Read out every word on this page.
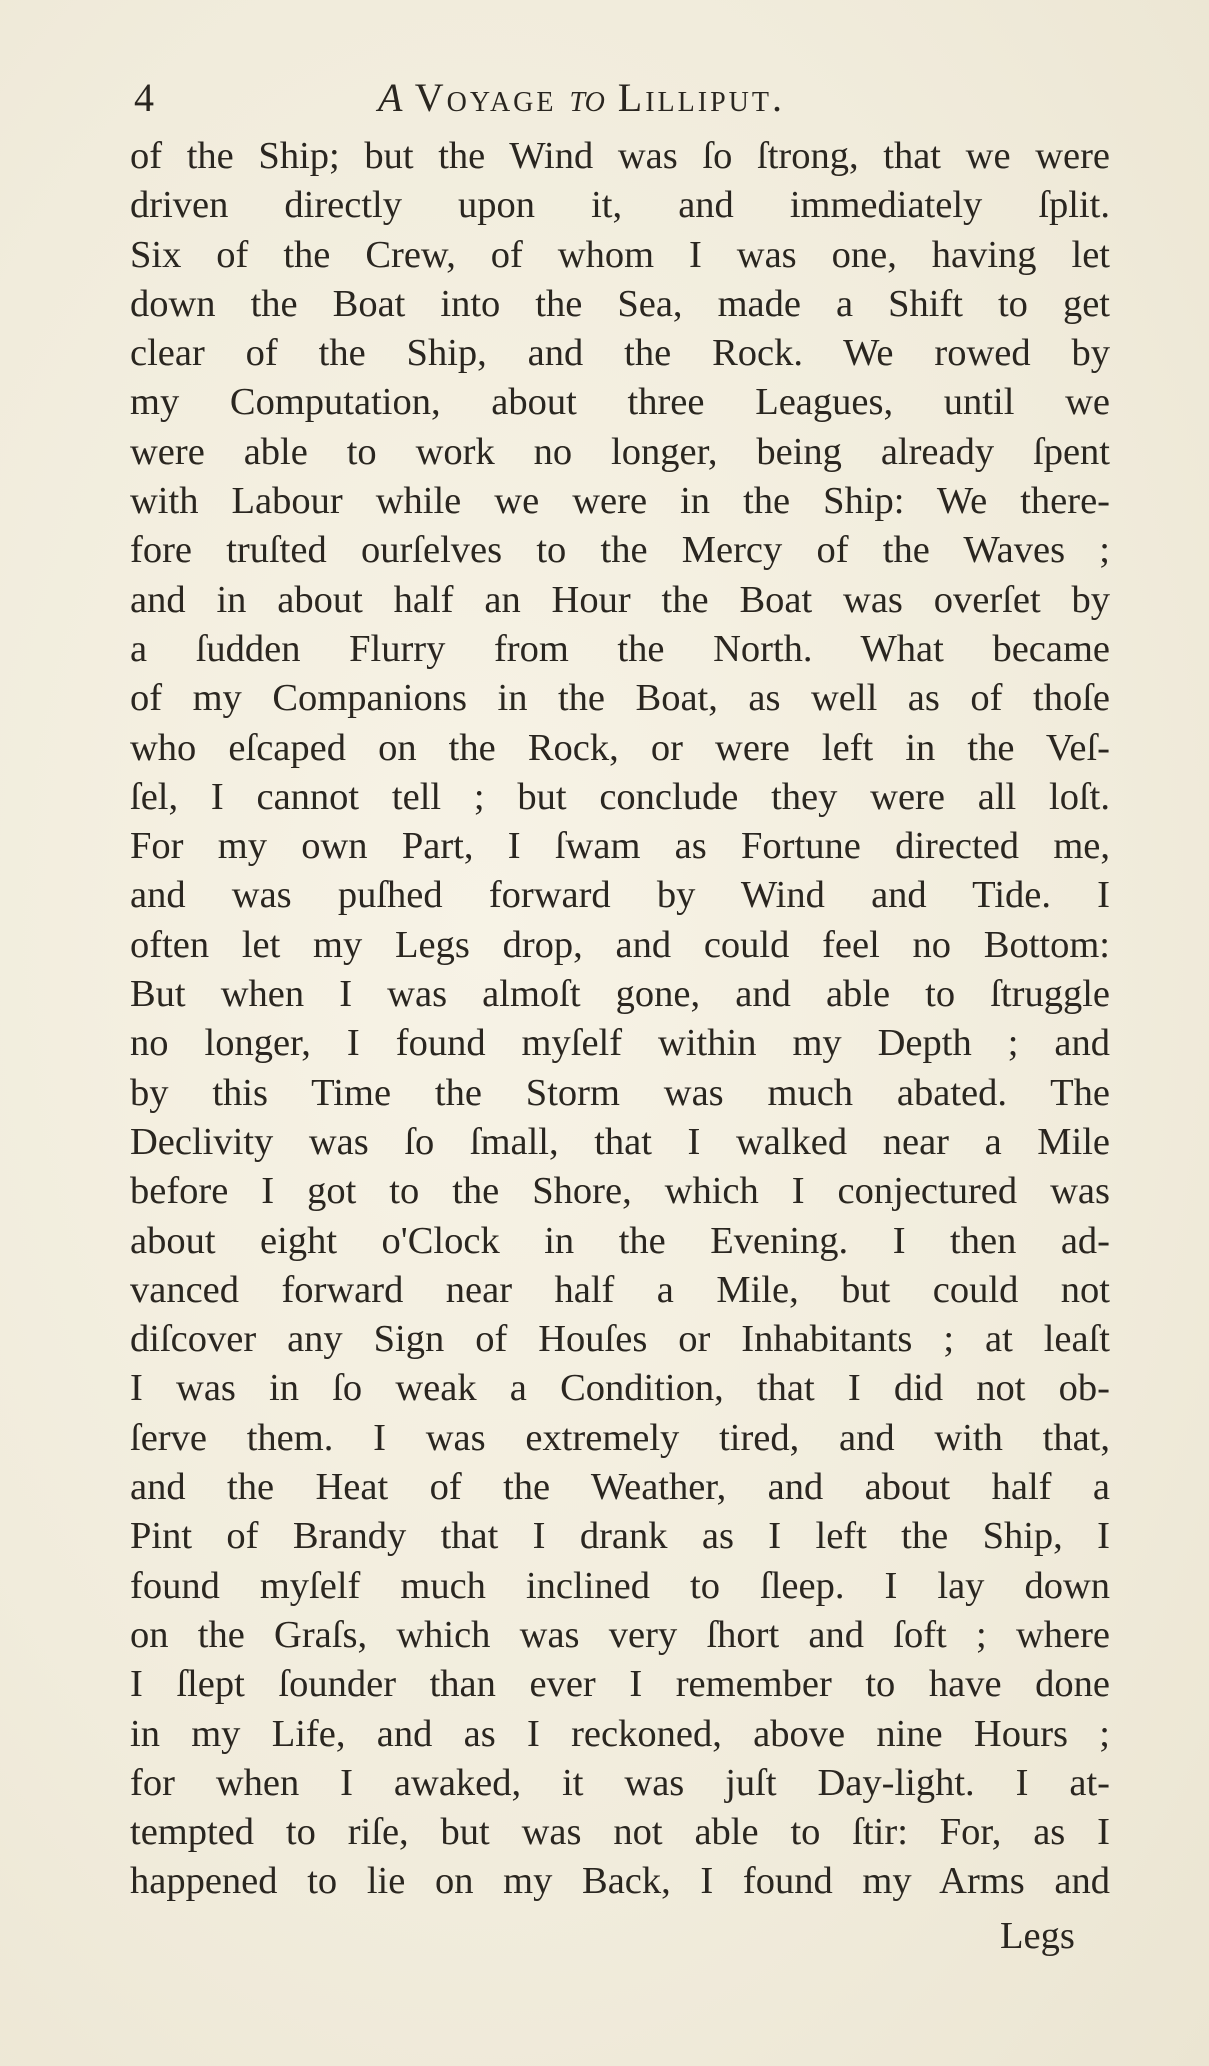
4	A Voyage to Lilliput.
of the Ship; but the Wind was ſo ſtrong, that we were
driven directly upon it, and immediately ſplit.
Six of the Crew, of whom I was one, having let
down the Boat into the Sea, made a Shift to get
clear of the Ship, and the Rock. We rowed by
my Computation, about three Leagues, until we
were able to work no longer, being already ſpent
with Labour while we were in the Ship: We there-
fore truſted ourſelves to the Mercy of the Waves ;
and in about half an Hour the Boat was overſet by
a ſudden Flurry from the North. What became
of my Companions in the Boat, as well as of thoſe
who eſcaped on the Rock, or were left in the Veſ-
ſel, I cannot tell ; but conclude they were all loſt.
For my own Part, I ſwam as Fortune directed me,
and was puſhed forward by Wind and Tide. I
often let my Legs drop, and could feel no Bottom:
But when I was almoſt gone, and able to ſtruggle
no longer, I found myſelf within my Depth ; and
by this Time the Storm was much abated. The
Declivity was ſo ſmall, that I walked near a Mile
before I got to the Shore, which I conjectured was
about eight o'Clock in the Evening. I then ad-
vanced forward near half a Mile, but could not
diſcover any Sign of Houſes or Inhabitants ; at leaſt
I was in ſo weak a Condition, that I did not ob-
ſerve them. I was extremely tired, and with that,
and the Heat of the Weather, and about half a
Pint of Brandy that I drank as I left the Ship, I
found myſelf much inclined to ſleep. I lay down
on the Graſs, which was very ſhort and ſoft ; where
I ſlept ſounder than ever I remember to have done
in my Life, and as I reckoned, above nine Hours ;
for when I awaked, it was juſt Day-light. I at-
tempted to riſe, but was not able to ſtir: For, as I
happened to lie on my Back, I found my Arms and
Legs
